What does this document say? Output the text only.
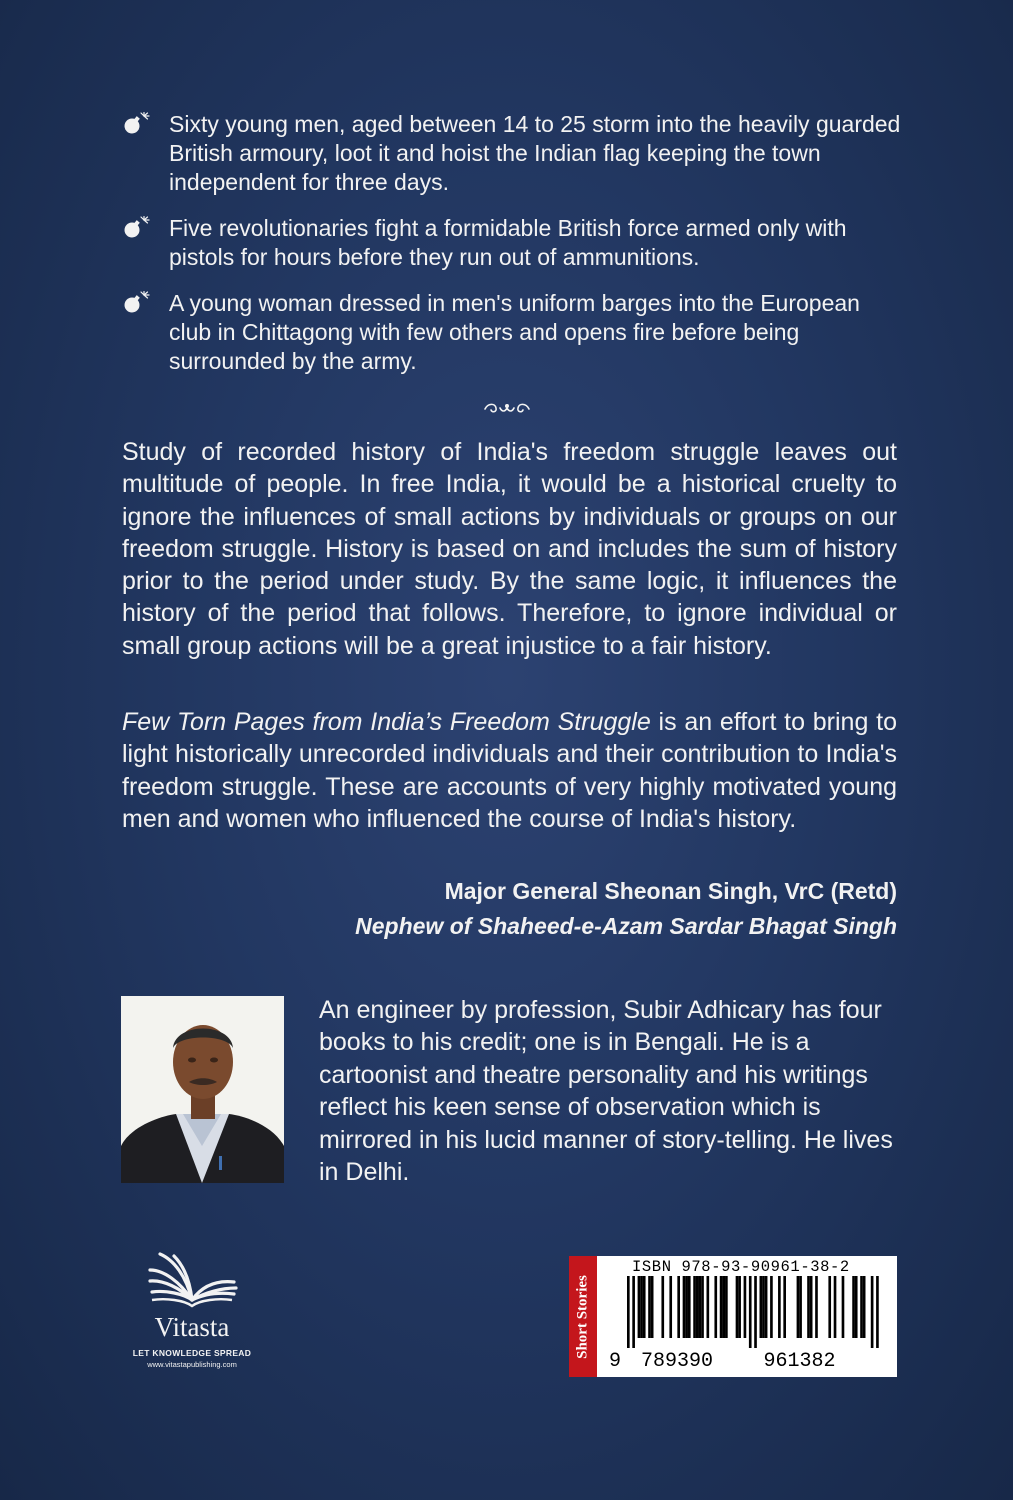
Sixty young men, aged between 14 to 25 storm into the heavily guarded British armoury, loot it and hoist the Indian flag keeping the town independent for three days.
Five revolutionaries fight a formidable British force armed only with pistols for hours before they run out of ammunitions.
A young woman dressed in men's uniform barges into the European club in Chittagong with few others and opens fire before being surrounded by the army.

Study of recorded history of India's freedom struggle leaves out multitude of people. In free India, it would be a historical cruelty to ignore the influences of small actions by individuals or groups on our freedom struggle. History is based on and includes the sum of history prior to the period under study. By the same logic, it influences the history of the period that follows. Therefore, to ignore individual or small group actions will be a great injustice to a fair history.

Few Torn Pages from India’s Freedom Struggle is an effort to bring to light historically unrecorded individuals and their contribution to India's freedom struggle. These are accounts of very highly motivated young men and women who influenced the course of India's history.

Major General Sheonan Singh, VrC (Retd)

Nephew of Shaheed-e-Azam Sardar Bhagat Singh

An engineer by profession, Subir Adhicary has four books to his credit; one is in Bengali. He is a cartoonist and theatre personality and his writings reflect his keen sense of observation which is mirrored in his lucid manner of story-telling. He lives in Delhi.

Vitasta
LET KNOWLEDGE SPREAD
www.vitastapublishing.com
Short Stories
ISBN 978-93-90961-38-2
9 789390	961382
